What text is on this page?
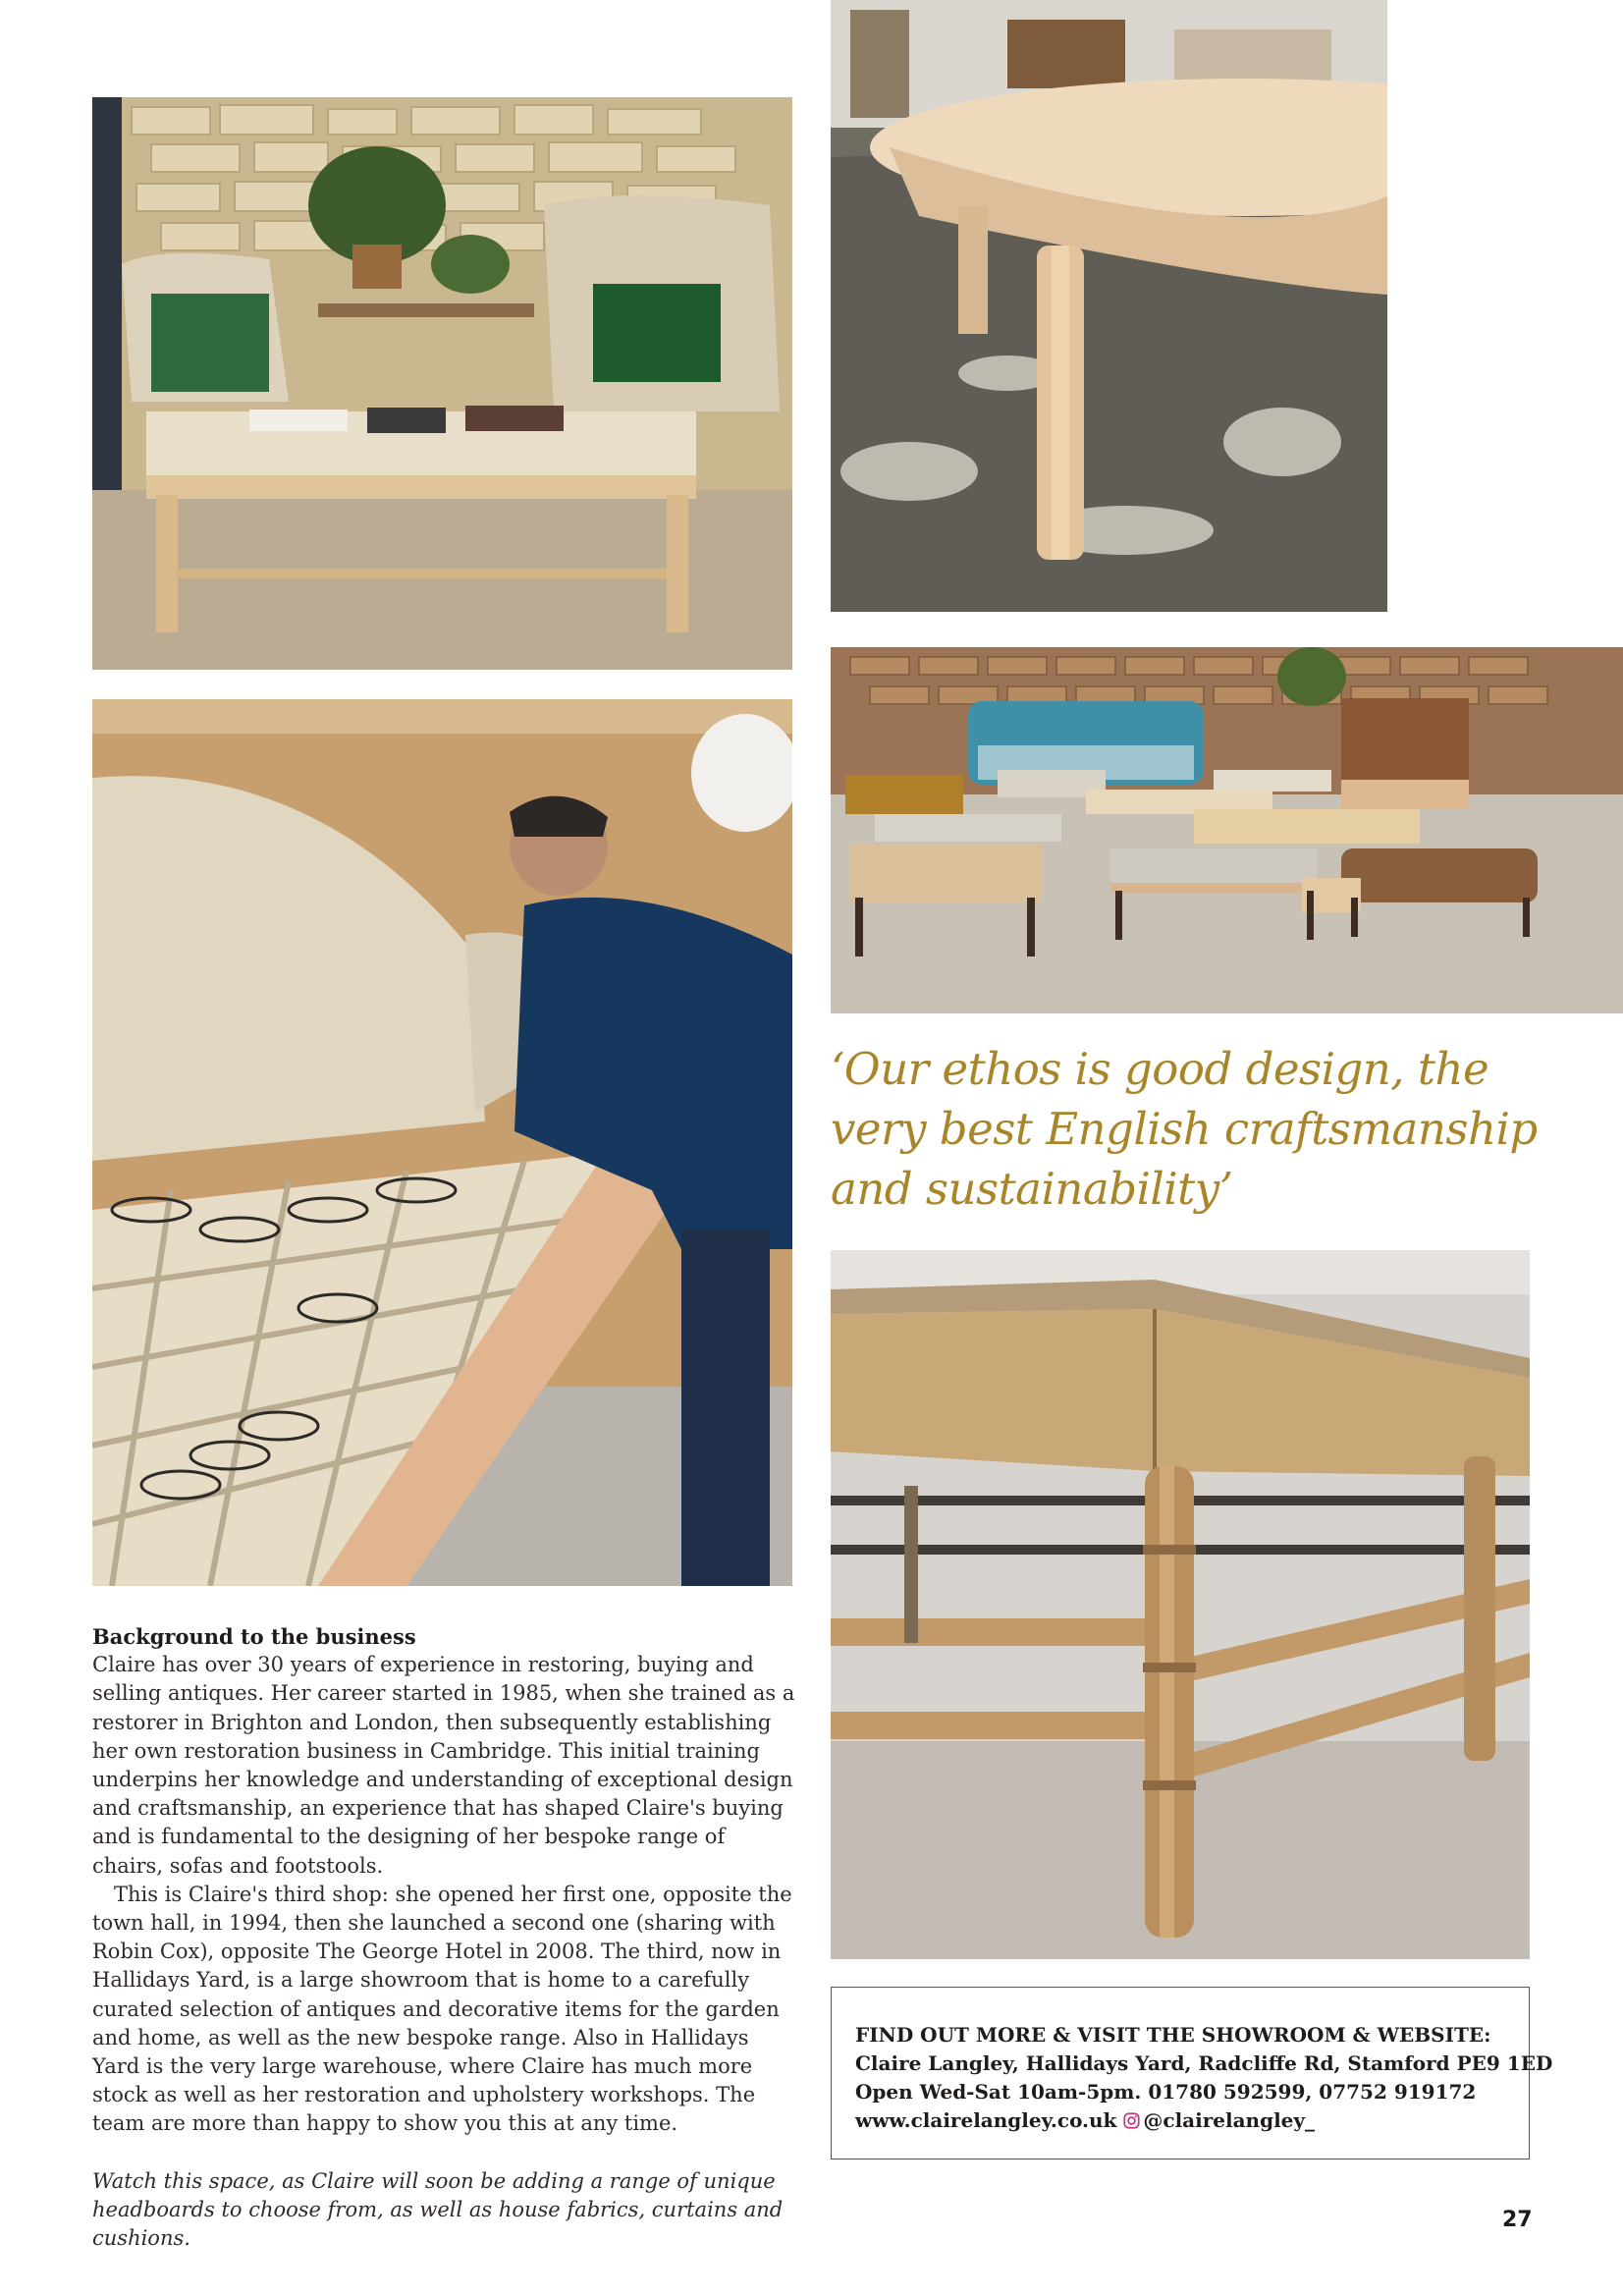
‘Our ethos is good design, the very best English craftsmanship and sustainability’

Background to the business

Claire has over 30 years of experience in restoring, buying and selling antiques. Her career started in 1985, when she trained as a restorer in Brighton and London, then subsequently establishing her own restoration business in Cambridge. This initial training underpins her knowledge and understanding of exceptional design and craftsmanship, an experience that has shaped Claire's buying and is fundamental to the designing of her bespoke range of chairs, sofas and footstools.

This is Claire's third shop: she opened her first one, opposite the town hall, in 1994, then she launched a second one (sharing with Robin Cox), opposite The George Hotel in 2008. The third, now in Hallidays Yard, is a large showroom that is home to a carefully curated selection of antiques and decorative items for the garden and home, as well as the new bespoke range. Also in Hallidays Yard is the very large warehouse, where Claire has much more stock as well as her restoration and upholstery workshops. The team are more than happy to show you this at any time.

Watch this space, as Claire will soon be adding a range of unique headboards to choose from, as well as house fabrics, curtains and cushions.

FIND OUT MORE & VISIT THE SHOWROOM & WEBSITE:
Claire Langley, Hallidays Yard, Radcliffe Rd, Stamford PE9 1ED
Open Wed-Sat 10am-5pm. 01780 592599, 07752 919172
www.clairelangley.co.uk @clairelangley_
27
